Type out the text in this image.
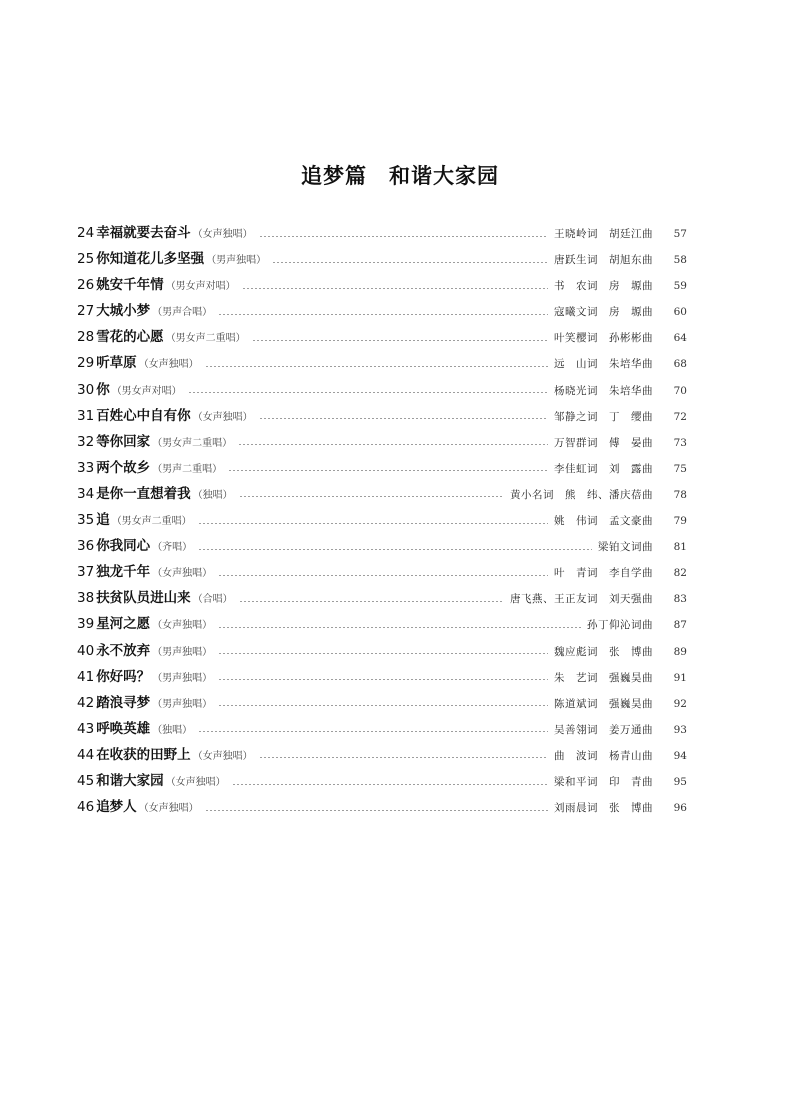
追梦篇　和谐大家园
24 幸福就要去奋斗 （女声独唱）	王晓岭词　胡廷江曲	57
25 你知道花儿多坚强 （男声独唱）	唐跃生词　胡旭东曲	58
26 姚安千年情 （男女声对唱）	书　农词　房　塬曲	59
27 大城小梦 （男声合唱）	寇曦文词　房　塬曲	60
28 雪花的心愿 （男女声二重唱）	叶笑樱词　孙彬彬曲	64
29 听草原 （女声独唱）	远　山词　朱培华曲	68
30 你 （男女声对唱）	杨晓光词　朱培华曲	70
31 百姓心中自有你 （女声独唱）	邹静之词　丁　缨曲	72
32 等你回家 （男女声二重唱）	万智群词　傅　晏曲	73
33 两个故乡 （男声二重唱）	李佳虹词　刘　露曲	75
34 是你一直想着我 （独唱）	黄小名词　熊　纬、潘庆蓓曲	78
35 追 （男女声二重唱）	姚　伟词　孟文豪曲	79
36 你我同心 （齐唱）	梁铂文词曲	81
37 独龙千年 （女声独唱）	叶　青词　李自学曲	82
38 扶贫队员进山来 （合唱）	唐飞燕、王正友词　刘天强曲	83
39 星河之愿 （女声独唱）	孙丁仰沁词曲	87
40 永不放弃 （男声独唱）	魏应彪词　张　博曲	89
41 你好吗？ （男声独唱）	朱　艺词　强巍昊曲	91
42 踏浪寻梦 （男声独唱）	陈道斌词　强巍昊曲	92
43 呼唤英雄 （独唱）	吴善翎词　姜万通曲	93
44 在收获的田野上 （女声独唱）	曲　波词　杨青山曲	94
45 和谐大家园 （女声独唱）	梁和平词　印　青曲	95
46 追梦人 （女声独唱）	刘雨晨词　张　博曲	96
